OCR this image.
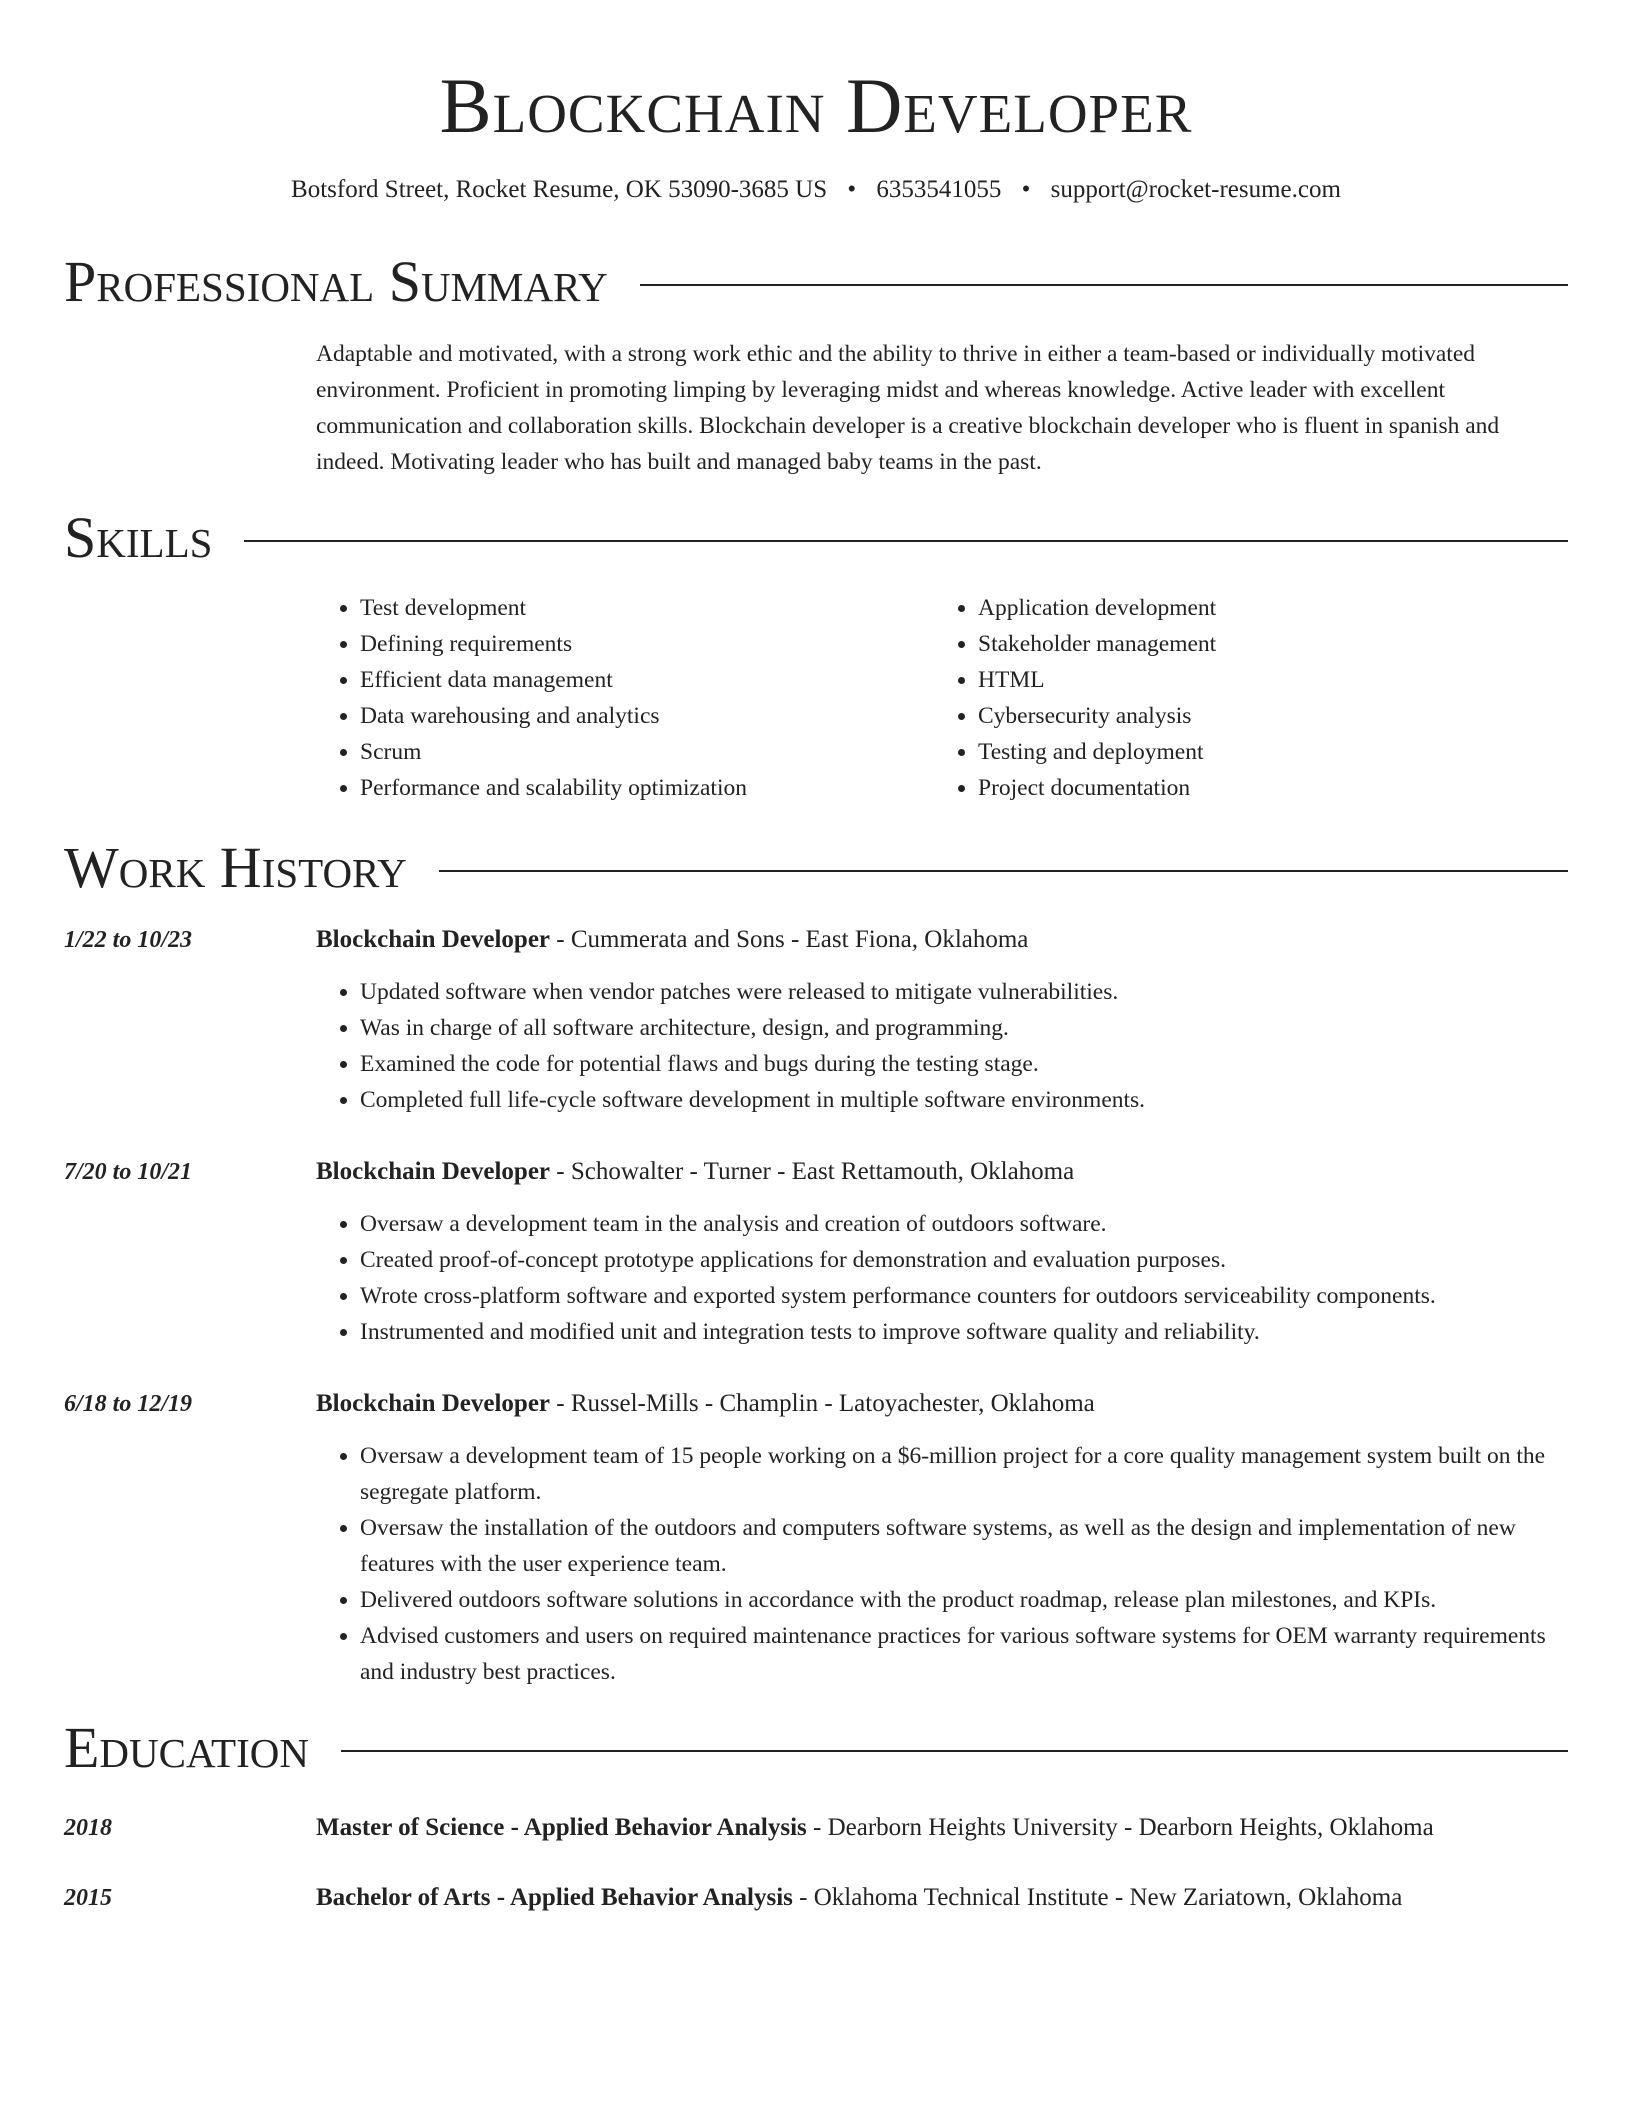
Blockchain Developer
Botsford Street, Rocket Resume, OK 53090-3685 US • 6353541055 • support@rocket-resume.com
Professional Summary

Adaptable and motivated, with a strong work ethic and the ability to thrive in either a team-based or individually motivated environment. Proficient in promoting limping by leveraging midst and whereas knowledge. Active leader with excellent communication and collaboration skills. Blockchain developer is a creative blockchain developer who is fluent in spanish and indeed. Motivating leader who has built and managed baby teams in the past.

Skills
• Test development
• Defining requirements
• Efficient data management
• Data warehousing and analytics
• Scrum
• Performance and scalability optimization
• Application development
• Stakeholder management
• HTML
• Cybersecurity analysis
• Testing and deployment
• Project documentation
Work History
1/22 to 10/23	Blockchain Developer - Cummerata and Sons - East Fiona, Oklahoma
• Updated software when vendor patches were released to mitigate vulnerabilities.
• Was in charge of all software architecture, design, and programming.
• Examined the code for potential flaws and bugs during the testing stage.
• Completed full life-cycle software development in multiple software environments.
7/20 to 10/21	Blockchain Developer - Schowalter - Turner - East Rettamouth, Oklahoma
• Oversaw a development team in the analysis and creation of outdoors software.
• Created proof-of-concept prototype applications for demonstration and evaluation purposes.
• Wrote cross-platform software and exported system performance counters for outdoors serviceability components.
• Instrumented and modified unit and integration tests to improve software quality and reliability.
6/18 to 12/19	Blockchain Developer - Russel-Mills - Champlin - Latoyachester, Oklahoma
• Oversaw a development team of 15 people working on a $6-million project for a core quality management system built on the segregate platform.
• Oversaw the installation of the outdoors and computers software systems, as well as the design and implementation of new features with the user experience team.
• Delivered outdoors software solutions in accordance with the product roadmap, release plan milestones, and KPIs.
• Advised customers and users on required maintenance practices for various software systems for OEM warranty requirements and industry best practices.
Education
2018	Master of Science - Applied Behavior Analysis - Dearborn Heights University - Dearborn Heights, Oklahoma
2015	Bachelor of Arts - Applied Behavior Analysis - Oklahoma Technical Institute - New Zariatown, Oklahoma
